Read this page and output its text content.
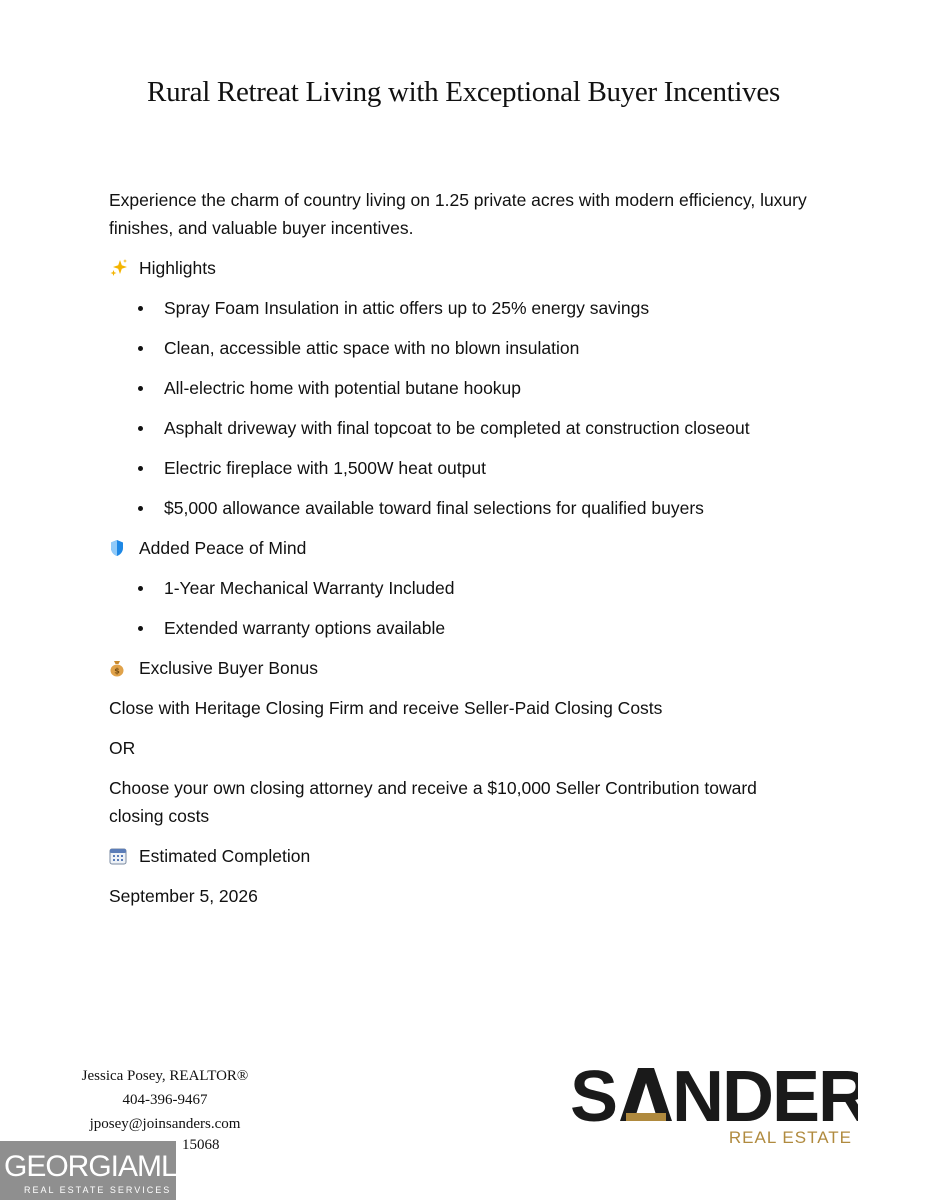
Rural Retreat Living with Exceptional Buyer Incentives

Experience the charm of country living on 1.25 private acres with modern efficiency, luxury finishes, and valuable buyer incentives.

Highlights
Spray Foam Insulation in attic offers up to 25% energy savings
Clean, accessible attic space with no blown insulation
All-electric home with potential butane hookup
Asphalt driveway with final topcoat to be completed at construction closeout
Electric fireplace with 1,500W heat output
$5,000 allowance available toward final selections for qualified buyers
Added Peace of Mind
1-Year Mechanical Warranty Included
Extended warranty options available
$ Exclusive Buyer Bonus

Close with Heritage Closing Firm and receive Seller-Paid Closing Costs

OR

Choose your own closing attorney and receive a $10,000 Seller Contribution toward closing costs

Estimated Completion

September 5, 2026

Jessica Posey, REALTOR®
404-396-9467
jposey@joinsanders.com
15068
GEORGIAMLS
REAL ESTATE SERVICES
S NDER
REAL ESTATE
